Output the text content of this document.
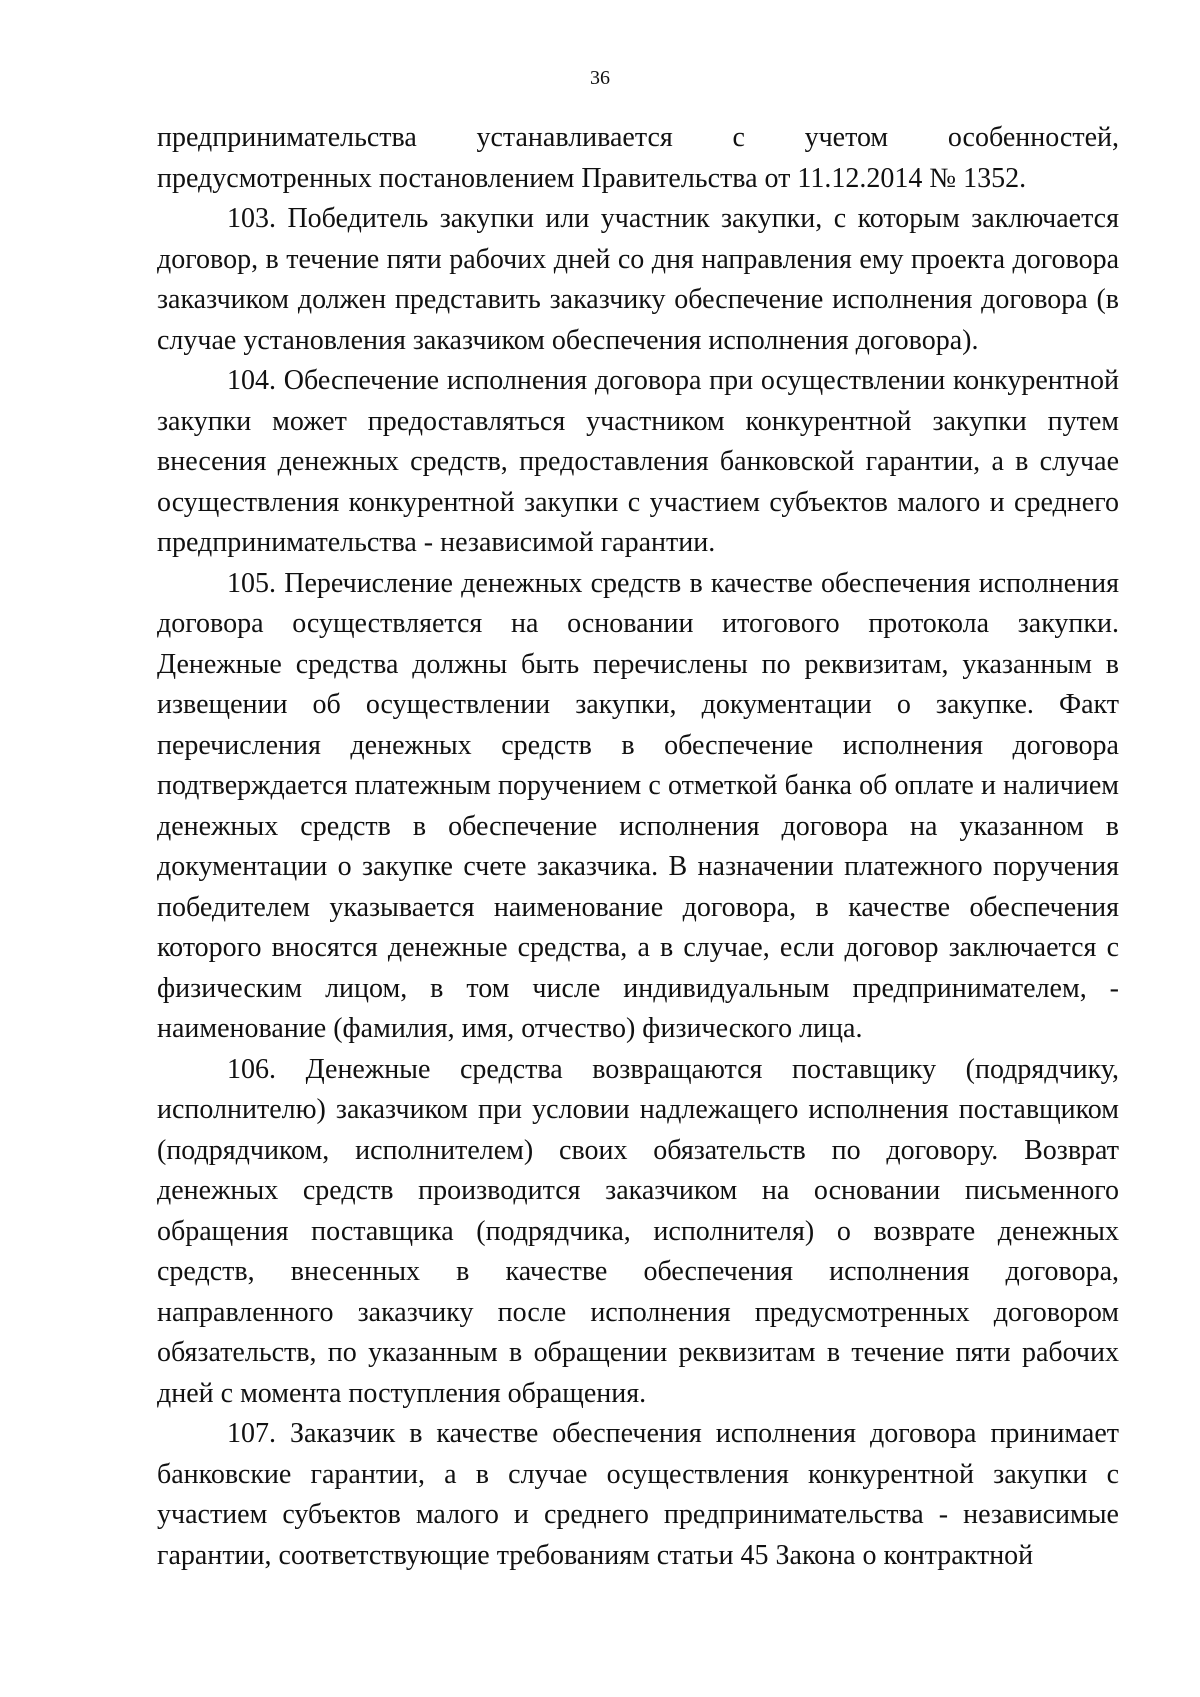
36

предпринимательства устанавливается с учетом особенностей, предусмотренных постановлением Правительства от 11.12.2014 № 1352.

103. Победитель закупки или участник закупки, с которым заключается договор, в течение пяти рабочих дней со дня направления ему проекта договора заказчиком должен представить заказчику обеспечение исполнения договора (в случае установления заказчиком обеспечения исполнения договора).

104. Обеспечение исполнения договора при осуществлении конкурентной закупки может предоставляться участником конкурентной закупки путем внесения денежных средств, предоставления банковской гарантии, а в случае осуществления конкурентной закупки с участием субъектов малого и среднего предпринимательства - независимой гарантии.

105. Перечисление денежных средств в качестве обеспечения исполнения договора осуществляется на основании итогового протокола закупки. Денежные средства должны быть перечислены по реквизитам, указанным в извещении об осуществлении закупки, документации о закупке. Факт перечисления денежных средств в обеспечение исполнения договора подтверждается платежным поручением с отметкой банка об оплате и наличием денежных средств в обеспечение исполнения договора на указанном в документации о закупке счете заказчика. В назначении платежного поручения победителем указывается наименование договора, в качестве обеспечения которого вносятся денежные средства, а в случае, если договор заключается с физическим лицом, в том числе индивидуальным предпринимателем, - наименование (фамилия, имя, отчество) физического лица.

106. Денежные средства возвращаются поставщику (подрядчику, исполнителю) заказчиком при условии надлежащего исполнения поставщиком (подрядчиком, исполнителем) своих обязательств по договору. Возврат денежных средств производится заказчиком на основании письменного обращения поставщика (подрядчика, исполнителя) о возврате денежных средств, внесенных в качестве обеспечения исполнения договора, направленного заказчику после исполнения предусмотренных договором обязательств, по указанным в обращении реквизитам в течение пяти рабочих дней с момента поступления обращения.

107. Заказчик в качестве обеспечения исполнения договора принимает банковские гарантии, а в случае осуществления конкурентной закупки с участием субъектов малого и среднего предпринимательства - независимые гарантии, соответствующие требованиям статьи 45 Закона о контрактной
